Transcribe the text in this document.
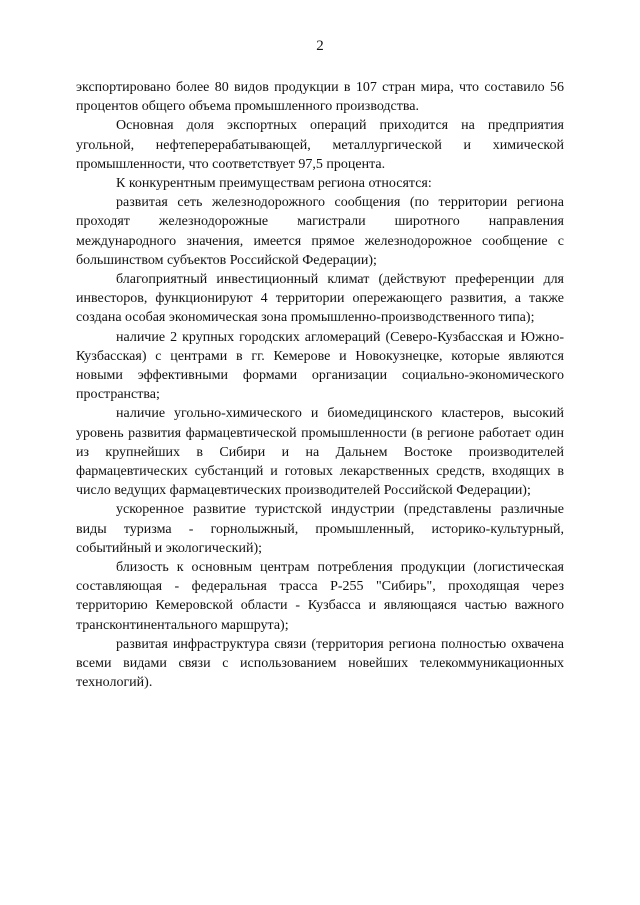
2

экспортировано более 80 видов продукции в 107 стран мира, что составило 56 процентов общего объема промышленного производства.

Основная доля экспортных операций приходится на предприятия угольной, нефтеперерабатывающей, металлургической и химической промышленности, что соответствует 97,5 процента.

К конкурентным преимуществам региона относятся:

развитая сеть железнодорожного сообщения (по территории региона проходят железнодорожные магистрали широтного направления международного значения, имеется прямое железнодорожное сообщение с большинством субъектов Российской Федерации);

благоприятный инвестиционный климат (действуют преференции для инвесторов, функционируют 4 территории опережающего развития, а также создана особая экономическая зона промышленно-производственного типа);

наличие 2 крупных городских агломераций (Северо-Кузбасская и Южно-Кузбасская) с центрами в гг. Кемерове и Новокузнецке, которые являются новыми эффективными формами организации социально-экономического пространства;

наличие угольно-химического и биомедицинского кластеров, высокий уровень развития фармацевтической промышленности (в регионе работает один из крупнейших в Сибири и на Дальнем Востоке производителей фармацевтических субстанций и готовых лекарственных средств, входящих в число ведущих фармацевтических производителей Российской Федерации);

ускоренное развитие туристской индустрии (представлены различные виды туризма - горнолыжный, промышленный, историко-культурный, событийный и экологический);

близость к основным центрам потребления продукции (логистическая составляющая - федеральная трасса Р-255 "Сибирь", проходящая через территорию Кемеровской области - Кузбасса и являющаяся частью важного трансконтинентального маршрута);

развитая инфраструктура связи (территория региона полностью охвачена всеми видами связи с использованием новейших телекоммуникационных технологий).
